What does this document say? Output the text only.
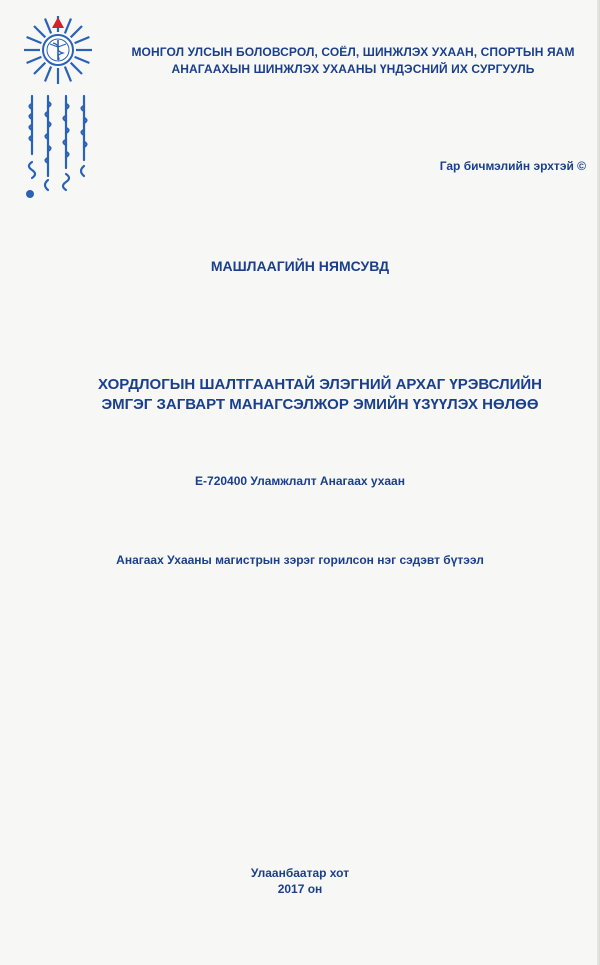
МОНГОЛ УЛСЫН БОЛОВСРОЛ, СОЁЛ, ШИНЖЛЭХ УХААН, СПОРТЫН ЯАМ
АНАГААХЫН ШИНЖЛЭХ УХААНЫ ҮНДЭСНИЙ ИХ СУРГУУЛЬ
Гар бичмэлийн эрхтэй ©
МАШЛААГИЙН НЯМСУВД
ХОРДЛОГЫН ШАЛТГААНТАЙ ЭЛЭГНИЙ АРХАГ ҮРЭВСЛИЙН
ЭМГЭГ ЗАГВАРТ МАНАГСЭЛЖОР ЭМИЙН ҮЗҮҮЛЭХ НӨЛӨӨ
E-720400 Уламжлалт Анагаах ухаан
Анагаах Ухааны магистрын зэрэг горилсон нэг сэдэвт бүтээл
Улаанбаатар хот
2017 он
